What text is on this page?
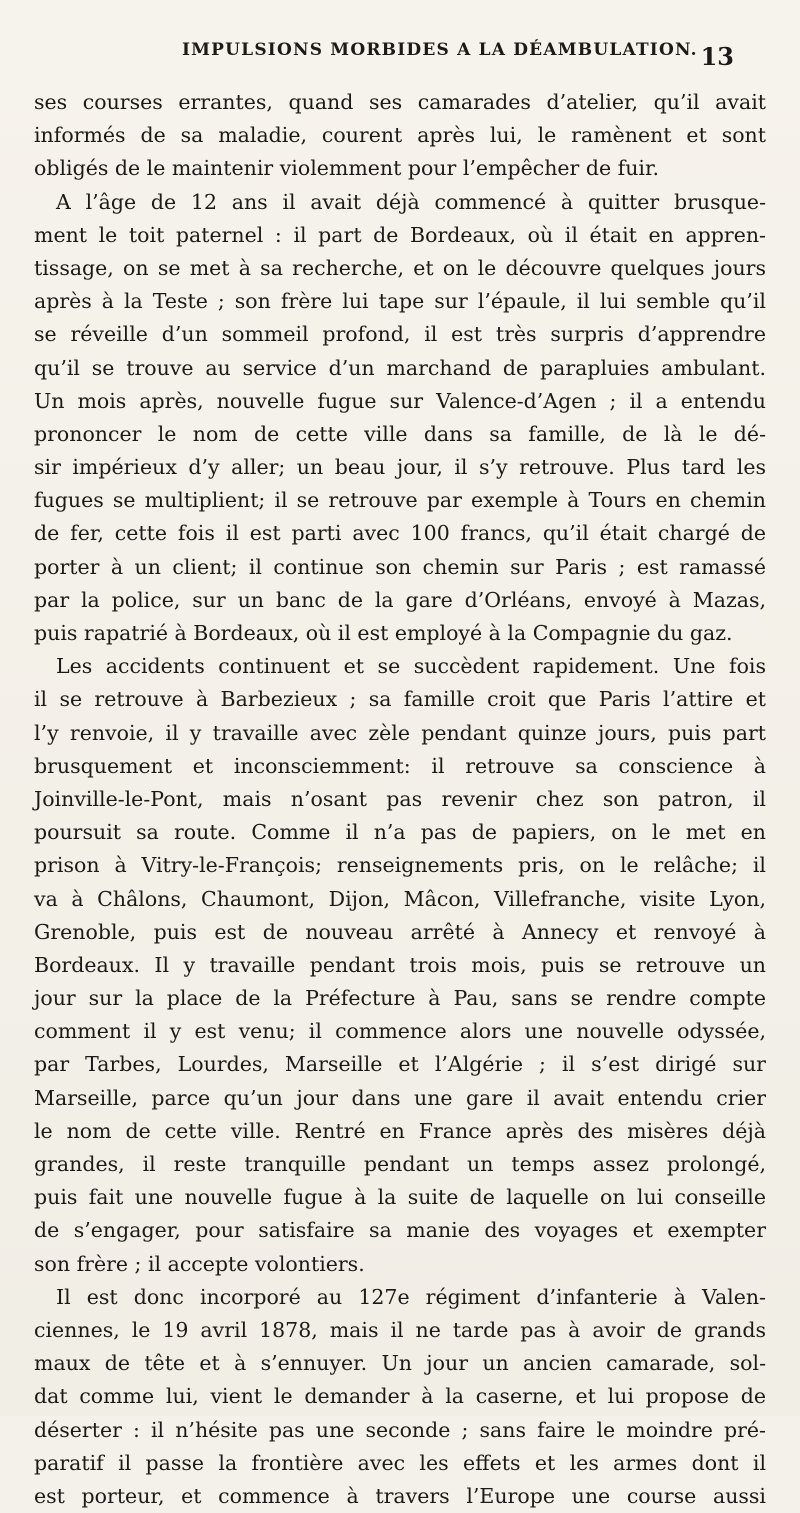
IMPULSIONS MORBIDES A LA DÉAMBULATION. 13
ses courses errantes, quand ses camarades d’atelier, qu’il avait
informés de sa maladie, courent après lui, le ramènent et sont
obligés de le maintenir violemment pour l’empêcher de fuir.
A l’âge de 12 ans il avait déjà commencé à quitter brusque-
ment le toit paternel : il part de Bordeaux, où il était en appren-
tissage, on se met à sa recherche, et on le découvre quelques jours
après à la Teste ; son frère lui tape sur l’épaule, il lui semble qu’il
se réveille d’un sommeil profond, il est très surpris d’apprendre
qu’il se trouve au service d’un marchand de parapluies ambulant.
Un mois après, nouvelle fugue sur Valence-d’Agen ; il a entendu
prononcer le nom de cette ville dans sa famille, de là le dé-
sir impérieux d’y aller; un beau jour, il s’y retrouve. Plus tard les
fugues se multiplient; il se retrouve par exemple à Tours en chemin
de fer, cette fois il est parti avec 100 francs, qu’il était chargé de
porter à un client; il continue son chemin sur Paris ; est ramassé
par la police, sur un banc de la gare d’Orléans, envoyé à Mazas,
puis rapatrié à Bordeaux, où il est employé à la Compagnie du gaz.
Les accidents continuent et se succèdent rapidement. Une fois
il se retrouve à Barbezieux ; sa famille croit que Paris l’attire et
l’y renvoie, il y travaille avec zèle pendant quinze jours, puis part
brusquement et inconsciemment: il retrouve sa conscience à
Joinville-le-Pont, mais n’osant pas revenir chez son patron, il
poursuit sa route. Comme il n’a pas de papiers, on le met en
prison à Vitry-le-François; renseignements pris, on le relâche; il
va à Châlons, Chaumont, Dijon, Mâcon, Villefranche, visite Lyon,
Grenoble, puis est de nouveau arrêté à Annecy et renvoyé à
Bordeaux. Il y travaille pendant trois mois, puis se retrouve un
jour sur la place de la Préfecture à Pau, sans se rendre compte
comment il y est venu; il commence alors une nouvelle odyssée,
par Tarbes, Lourdes, Marseille et l’Algérie ; il s’est dirigé sur
Marseille, parce qu’un jour dans une gare il avait entendu crier
le nom de cette ville. Rentré en France après des misères déjà
grandes, il reste tranquille pendant un temps assez prolongé,
puis fait une nouvelle fugue à la suite de laquelle on lui conseille
de s’engager, pour satisfaire sa manie des voyages et exempter
son frère ; il accepte volontiers.
Il est donc incorporé au 127e régiment d’infanterie à Valen-
ciennes, le 19 avril 1878, mais il ne tarde pas à avoir de grands
maux de tête et à s’ennuyer. Un jour un ancien camarade, sol-
dat comme lui, vient le demander à la caserne, et lui propose de
déserter : il n’hésite pas une seconde ; sans faire le moindre pré-
paratif il passe la frontière avec les effets et les armes dont il
est porteur, et commence à travers l’Europe une course aussi
